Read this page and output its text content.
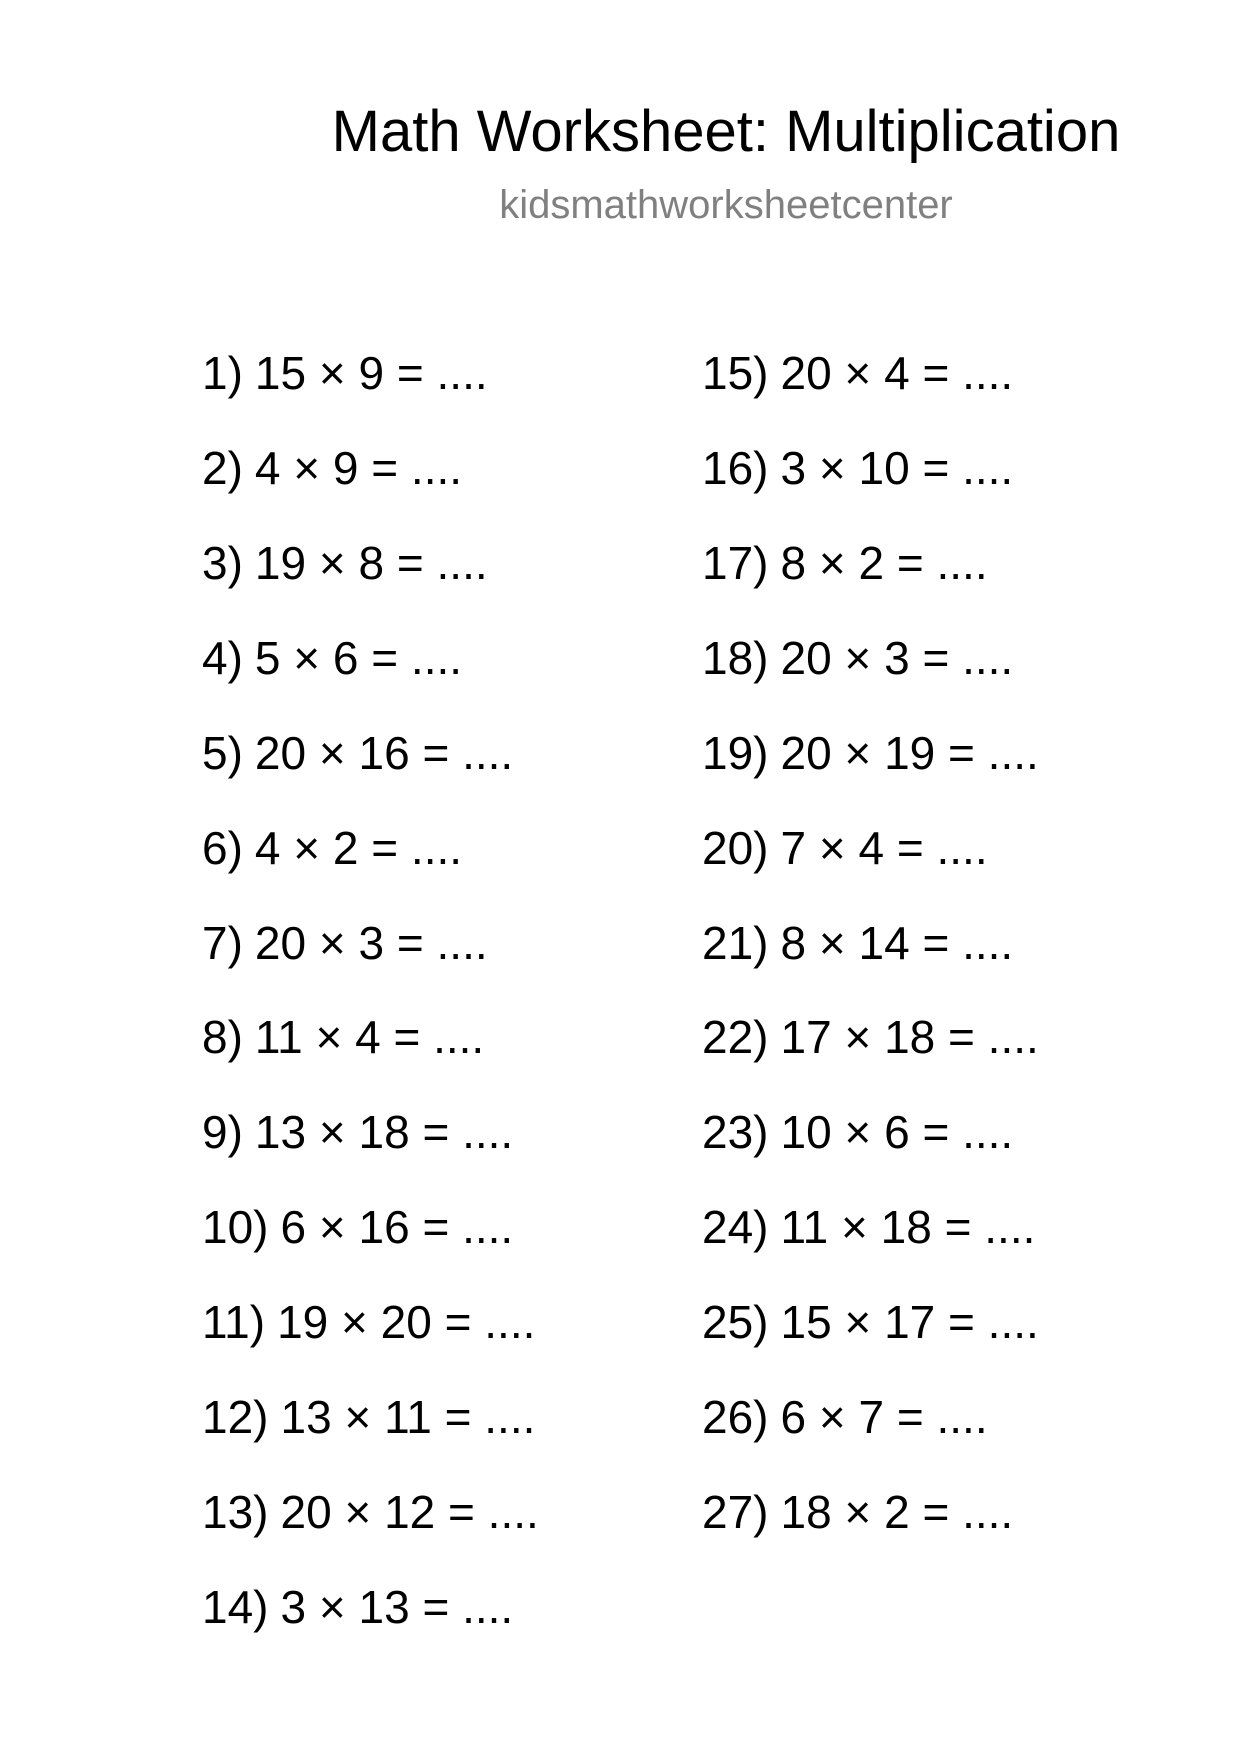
Math Worksheet: Multiplication
kidsmathworksheetcenter
1) 15 × 9 = ....
2) 4 × 9 = ....
3) 19 × 8 = ....
4) 5 × 6 = ....
5) 20 × 16 = ....
6) 4 × 2 = ....
7) 20 × 3 = ....
8) 11 × 4 = ....
9) 13 × 18 = ....
10) 6 × 16 = ....
11) 19 × 20 = ....
12) 13 × 11 = ....
13) 20 × 12 = ....
14) 3 × 13 = ....
15) 20 × 4 = ....
16) 3 × 10 = ....
17) 8 × 2 = ....
18) 20 × 3 = ....
19) 20 × 19 = ....
20) 7 × 4 = ....
21) 8 × 14 = ....
22) 17 × 18 = ....
23) 10 × 6 = ....
24) 11 × 18 = ....
25) 15 × 17 = ....
26) 6 × 7 = ....
27) 18 × 2 = ....
